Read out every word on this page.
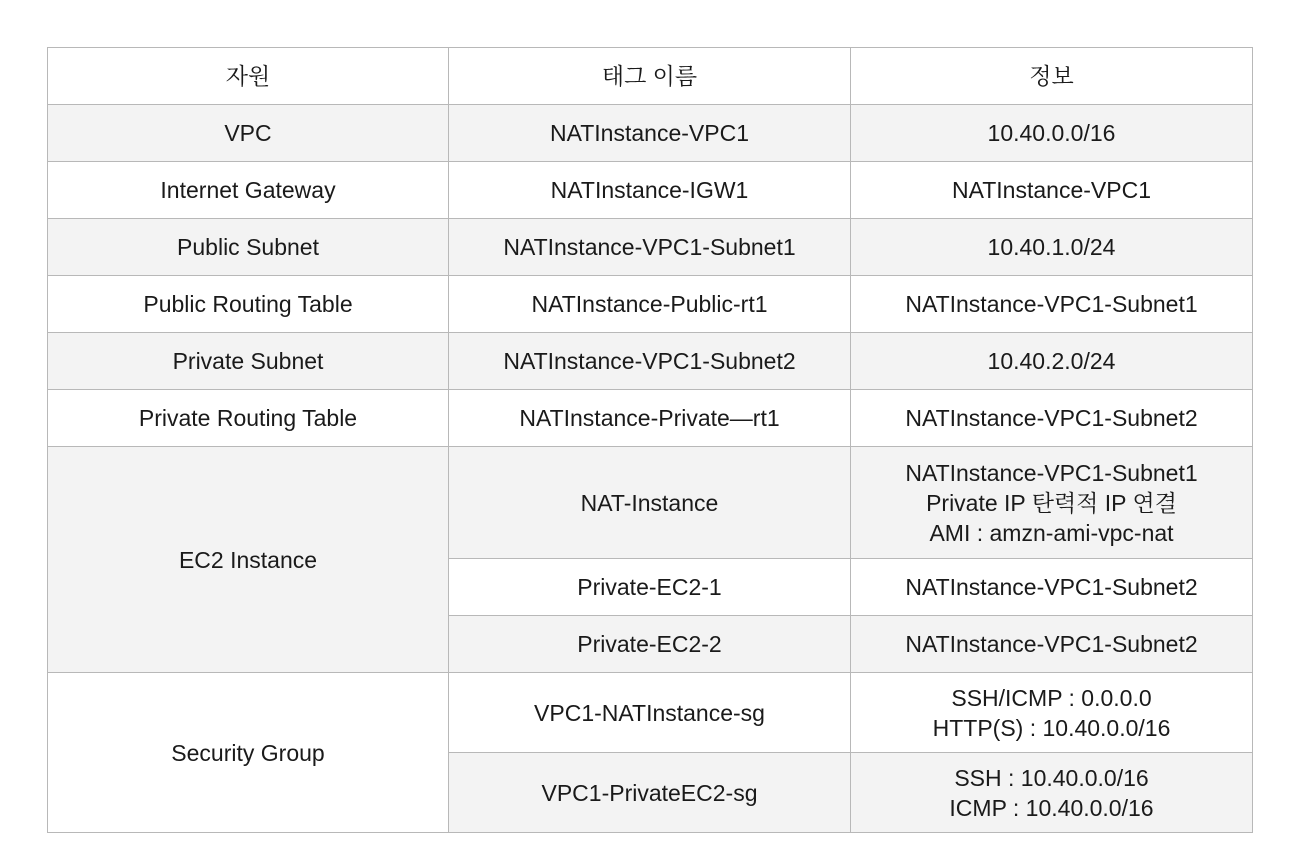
자원	태그 이름	정보
VPC	NATInstance-VPC1	10.40.0.0/16
Internet Gateway	NATInstance-IGW1	NATInstance-VPC1
Public Subnet	NATInstance-VPC1-Subnet1	10.40.1.0/24
Public Routing Table	NATInstance-Public-rt1	NATInstance-VPC1-Subnet1
Private Subnet	NATInstance-VPC1-Subnet2	10.40.2.0/24
Private Routing Table	NATInstance-Private—rt1	NATInstance-VPC1-Subnet2
EC2 Instance	NAT-Instance	NATInstance-VPC1-Subnet1
Private IP 탄력적 IP 연결
AMI : amzn-ami-vpc-nat

	Private-EC2-1	NATInstance-VPC1-Subnet2
	Private-EC2-2	NATInstance-VPC1-Subnet2
Security Group	VPC1-NATInstance-sg	SSH/ICMP : 0.0.0.0
HTTP(S) : 10.40.0.0/16

	VPC1-PrivateEC2-sg	SSH : 10.40.0.0/16
ICMP : 10.40.0.0/16
